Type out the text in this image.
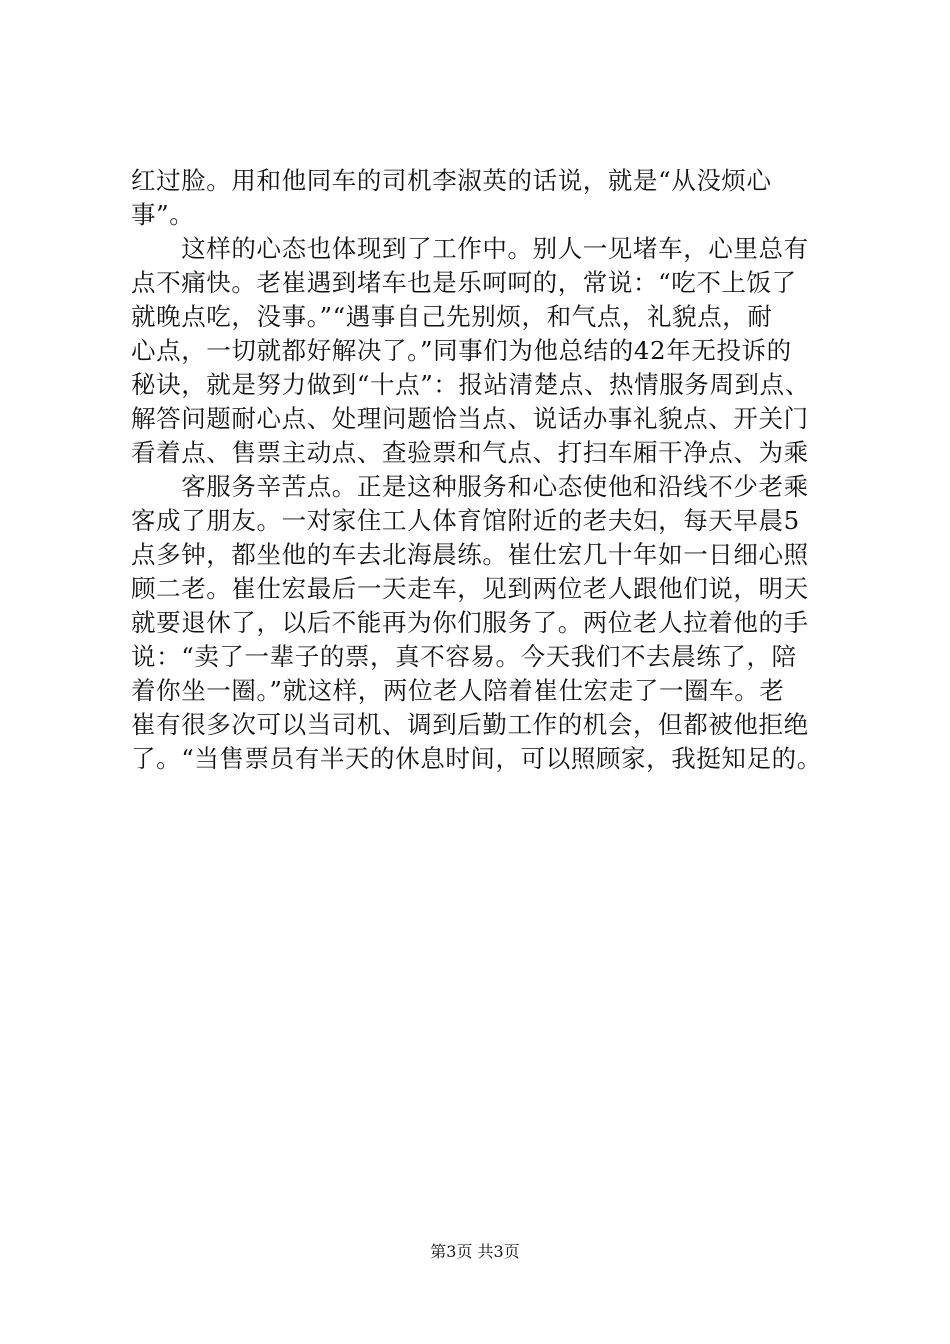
红过脸。用和他同车的司机李淑英的话说，就是“从没烦心
事”。
　　这样的心态也体现到了工作中。别人一见堵车，心里总有
点不痛快。老崔遇到堵车也是乐呵呵的，常说：“吃不上饭了
就晚点吃，没事。”“遇事自己先别烦，和气点，礼貌点，耐
心点，一切就都好解决了。”同事们为他总结的42年无投诉的
秘诀，就是努力做到“十点”：报站清楚点、热情服务周到点、
解答问题耐心点、处理问题恰当点、说话办事礼貌点、开关门
看着点、售票主动点、查验票和气点、打扫车厢干净点、为乘
　　客服务辛苦点。正是这种服务和心态使他和沿线不少老乘
客成了朋友。一对家住工人体育馆附近的老夫妇，每天早晨5
点多钟，都坐他的车去北海晨练。崔仕宏几十年如一日细心照
顾二老。崔仕宏最后一天走车，见到两位老人跟他们说，明天
就要退休了，以后不能再为你们服务了。两位老人拉着他的手
说：“卖了一辈子的票，真不容易。今天我们不去晨练了，陪
着你坐一圈。”就这样，两位老人陪着崔仕宏走了一圈车。老
崔有很多次可以当司机、调到后勤工作的机会，但都被他拒绝
了。“当售票员有半天的休息时间，可以照顾家，我挺知足的。
第3页 共3页
